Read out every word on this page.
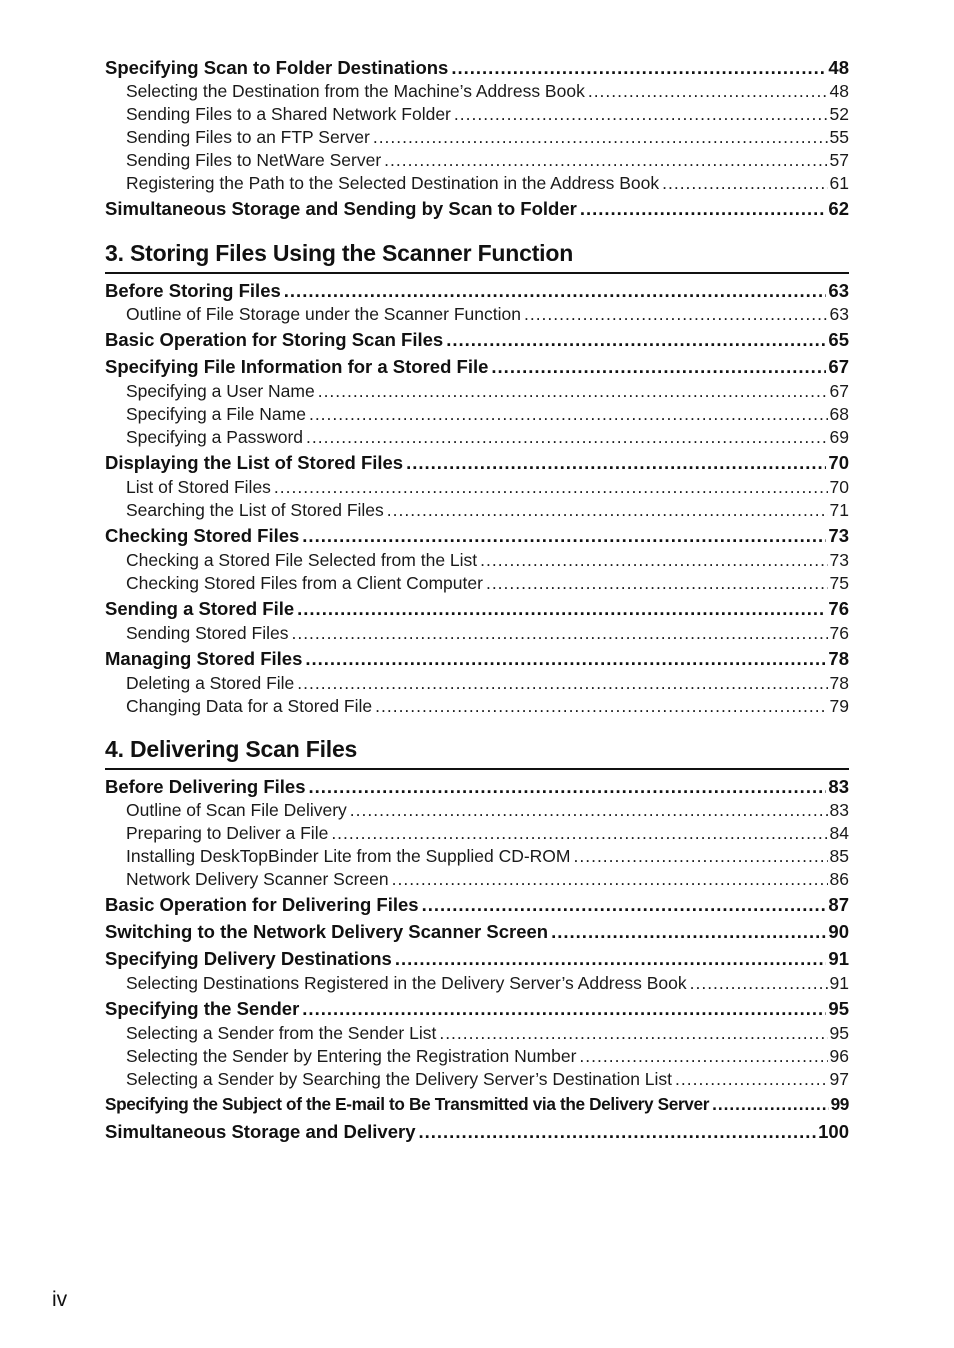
Specifying Scan to Folder Destinations .....	48
Selecting the Destination from the Machine’s Address Book .....	48
Sending Files to a Shared Network Folder .....	52
Sending Files to an FTP Server .....	55
Sending Files to NetWare Server .....	57
Registering the Path to the Selected Destination in the Address Book .....	61
Simultaneous Storage and Sending by Scan to Folder .....	62
3. Storing Files Using the Scanner Function
Before Storing Files .....	63
Outline of File Storage under the Scanner Function .....	63
Basic Operation for Storing Scan Files .....	65
Specifying File Information for a Stored File .....	67
Specifying a User Name .....	67
Specifying a File Name .....	68
Specifying a Password .....	69
Displaying the List of Stored Files .....	70
List of Stored Files .....	70
Searching the List of Stored Files .....	71
Checking Stored Files .....	73
Checking a Stored File Selected from the List .....	73
Checking Stored Files from a Client Computer .....	75
Sending a Stored File .....	76
Sending Stored Files .....	76
Managing Stored Files .....	78
Deleting a Stored File .....	78
Changing Data for a Stored File .....	79
4. Delivering Scan Files
Before Delivering Files .....	83
Outline of Scan File Delivery .....	83
Preparing to Deliver a File .....	84
Installing DeskTopBinder Lite from the Supplied CD-ROM .....	85
Network Delivery Scanner Screen .....	86
Basic Operation for Delivering Files .....	87
Switching to the Network Delivery Scanner Screen .....	90
Specifying Delivery Destinations .....	91
Selecting Destinations Registered in the Delivery Server’s Address Book .....	91
Specifying the Sender .....	95
Selecting a Sender from the Sender List .....	95
Selecting the Sender by Entering the Registration Number .....	96
Selecting a Sender by Searching the Delivery Server’s Destination List .....	97
Specifying the Subject of the E-mail to Be Transmitted via the Delivery Server .....	99
Simultaneous Storage and Delivery .....	100
iv
